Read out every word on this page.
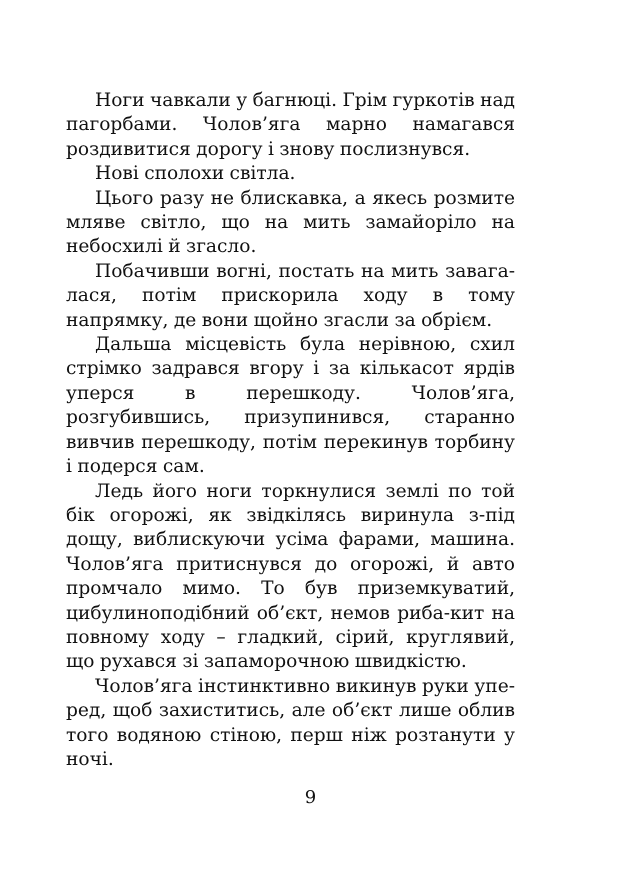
Ноги чавкали у багнюці. Грім гуркотів над пагорбами. Чолов’яга марно намагався роздивитися дорогу і знову послизнувся.

Нові сполохи світла.

Цього разу не блискавка, а якесь розмите мляве світло, що на мить замайоріло на небосхилі й згасло.

Побачивши вогні, постать на мить завагалася, потім прискорила ходу в тому напрямку, де вони щойно згасли за обрієм.

Дальша місцевість була нерівною, схил стрімко задрався вгору і за кількасот ярдів уперся в перешкоду. Чолов’яга, розгубившись, призупинився, старанно вивчив перешкоду, потім перекинув торбину і подерся сам.

Ледь його ноги торкнулися землі по той бік огорожі, як звідкілясь виринула з-під дощу, виблискуючи усіма фарами, машина. Чолов’яга притиснувся до огорожі, й авто промчало мимо. То був приземкуватий, цибулиноподібний об’єкт, немов риба-кит на повному ходу – гладкий, сірий, круглявий, що рухався зі запаморочною швидкістю.

Чолов’яга інстинктивно викинув руки уперед, щоб захиститись, але об’єкт лише облив того водяною стіною, перш ніж розтанути у ночі.

9
